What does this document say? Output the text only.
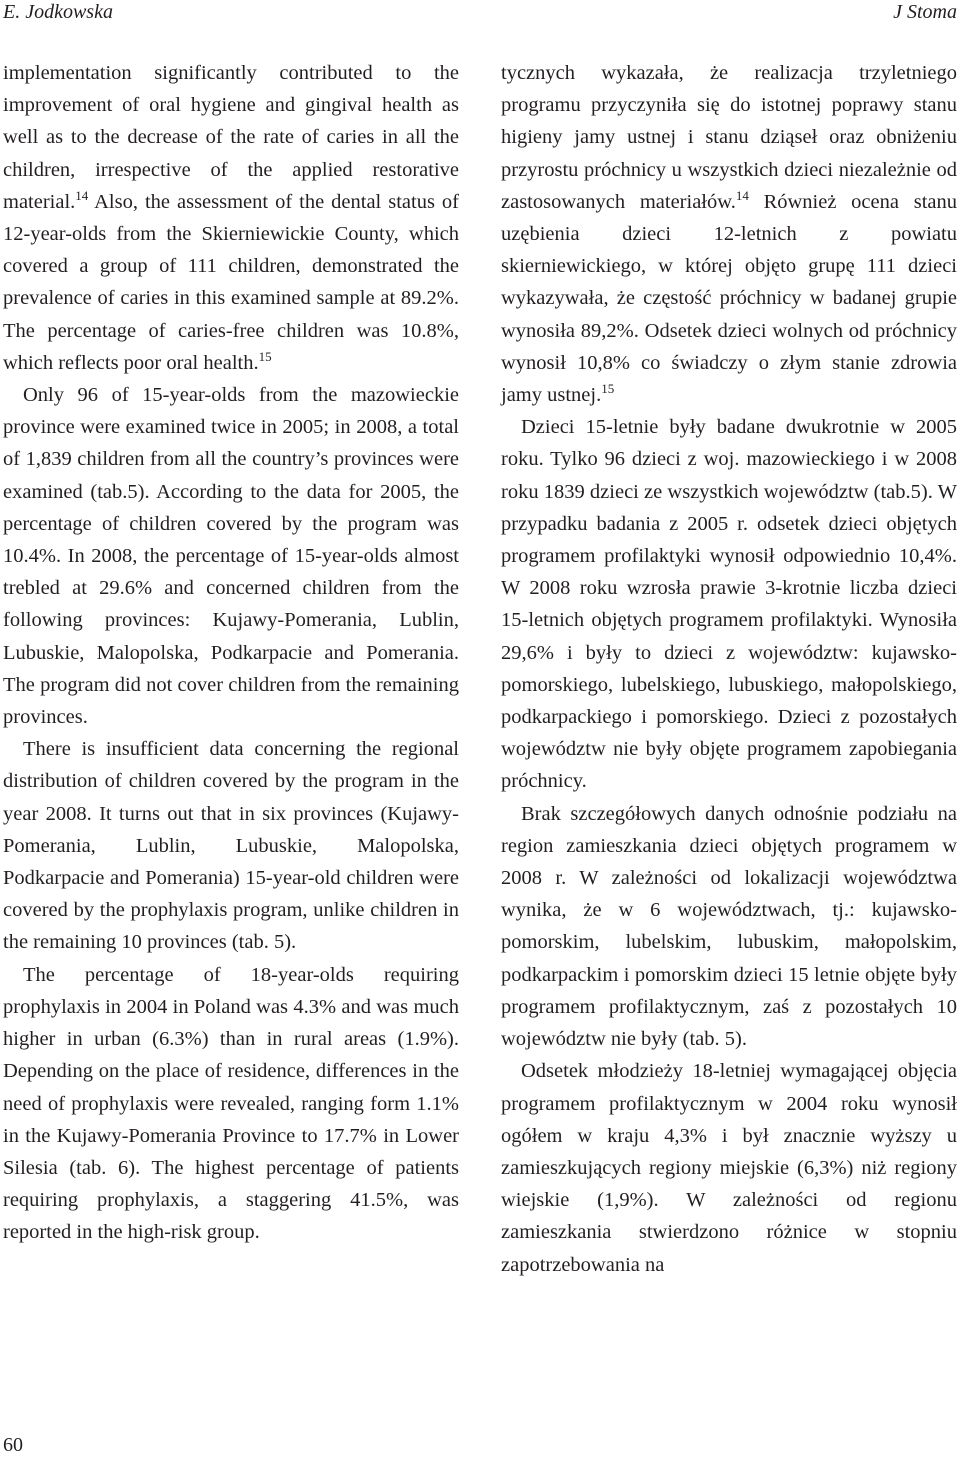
E. Jodkowska	J Stoma

implementation significantly contributed to the improvement of oral hygiene and gingival health as well as to the decrease of the rate of caries in all the children, irrespective of the applied restorative material.$^{14}$ Also, the assessment of the dental status of 12-year-olds from the Skierniewickie County, which covered a group of 111 children, demonstrated the prevalence of caries in this examined sample at 89.2%. The percentage of caries-free children was 10.8%, which reflects poor oral health.$^{15}$

Only 96 of 15-year-olds from the mazowieckie province were examined twice in 2005; in 2008, a total of 1,839 children from all the country’s provinces were examined (tab.5). According to the data for 2005, the percentage of children covered by the program was 10.4%. In 2008, the percentage of 15-year-olds almost trebled at 29.6% and concerned children from the following provinces: Kujawy-Pomerania, Lublin, Lubuskie, Malopolska, Podkarpacie and Pomerania. The program did not cover children from the remaining provinces.

There is insufficient data concerning the regional distribution of children covered by the program in the year 2008. It turns out that in six provinces (Kujawy-Pomerania, Lublin, Lubuskie, Malopolska, Podkarpacie and Pomerania) 15-year-old children were covered by the prophylaxis program, unlike children in the remaining 10 provinces (tab. 5).

The percentage of 18-year-olds requiring prophylaxis in 2004 in Poland was 4.3% and was much higher in urban (6.3%) than in rural areas (1.9%). Depending on the place of residence, differences in the need of prophylaxis were revealed, ranging form 1.1% in the Kujawy-Pomerania Province to 17.7% in Lower Silesia (tab. 6). The highest percentage of patients requiring prophylaxis, a staggering 41.5%, was reported in the high-risk group.

tycznych wykazała, że realizacja trzyletniego programu przyczyniła się do istotnej poprawy stanu higieny jamy ustnej i stanu dziąseł oraz obniżeniu przyrostu próchnicy u wszystkich dzieci niezależnie od zastosowanych materiałów.$^{14}$ Również ocena stanu uzębienia dzieci 12-letnich z powiatu skierniewickiego, w której objęto grupę 111 dzieci wykazywała, że częstość próchnicy w badanej grupie wynosiła 89,2%. Odsetek dzieci wolnych od próchnicy wynosił 10,8% co świadczy o złym stanie zdrowia jamy ustnej.$^{15}$

Dzieci 15-letnie były badane dwukrotnie w 2005 roku. Tylko 96 dzieci z woj. mazowieckiego i w 2008 roku 1839 dzieci ze wszystkich województw (tab.5). W przypadku badania z 2005 r. odsetek dzieci objętych programem profilaktyki wynosił odpowiednio 10,4%. W 2008 roku wzrosła prawie 3-krotnie liczba dzieci 15-letnich objętych programem profilaktyki. Wynosiła 29,6% i były to dzieci z województw: kujawsko-pomorskiego, lubelskiego, lubuskiego, małopolskiego, podkarpackiego i pomorskiego. Dzieci z pozostałych województw nie były objęte programem zapobiegania próchnicy.

Brak szczegółowych danych odnośnie podziału na region zamieszkania dzieci objętych programem w 2008 r. W zależności od lokalizacji województwa wynika, że w 6 województwach, tj.: kujawsko-pomorskim, lubelskim, lubuskim, małopolskim, podkarpackim i pomorskim dzieci 15 letnie objęte były programem profilaktycznym, zaś z pozostałych 10 województw nie były (tab. 5).

Odsetek młodzieży 18-letniej wymagającej objęcia programem profilaktycznym w 2004 roku wynosił ogółem w kraju 4,3% i był znacznie wyższy u zamieszkujących regiony miejskie (6,3%) niż regiony wiejskie (1,9%). W zależności od regionu zamieszkania stwierdzono różnice w stopniu zapotrzebowania na

60
